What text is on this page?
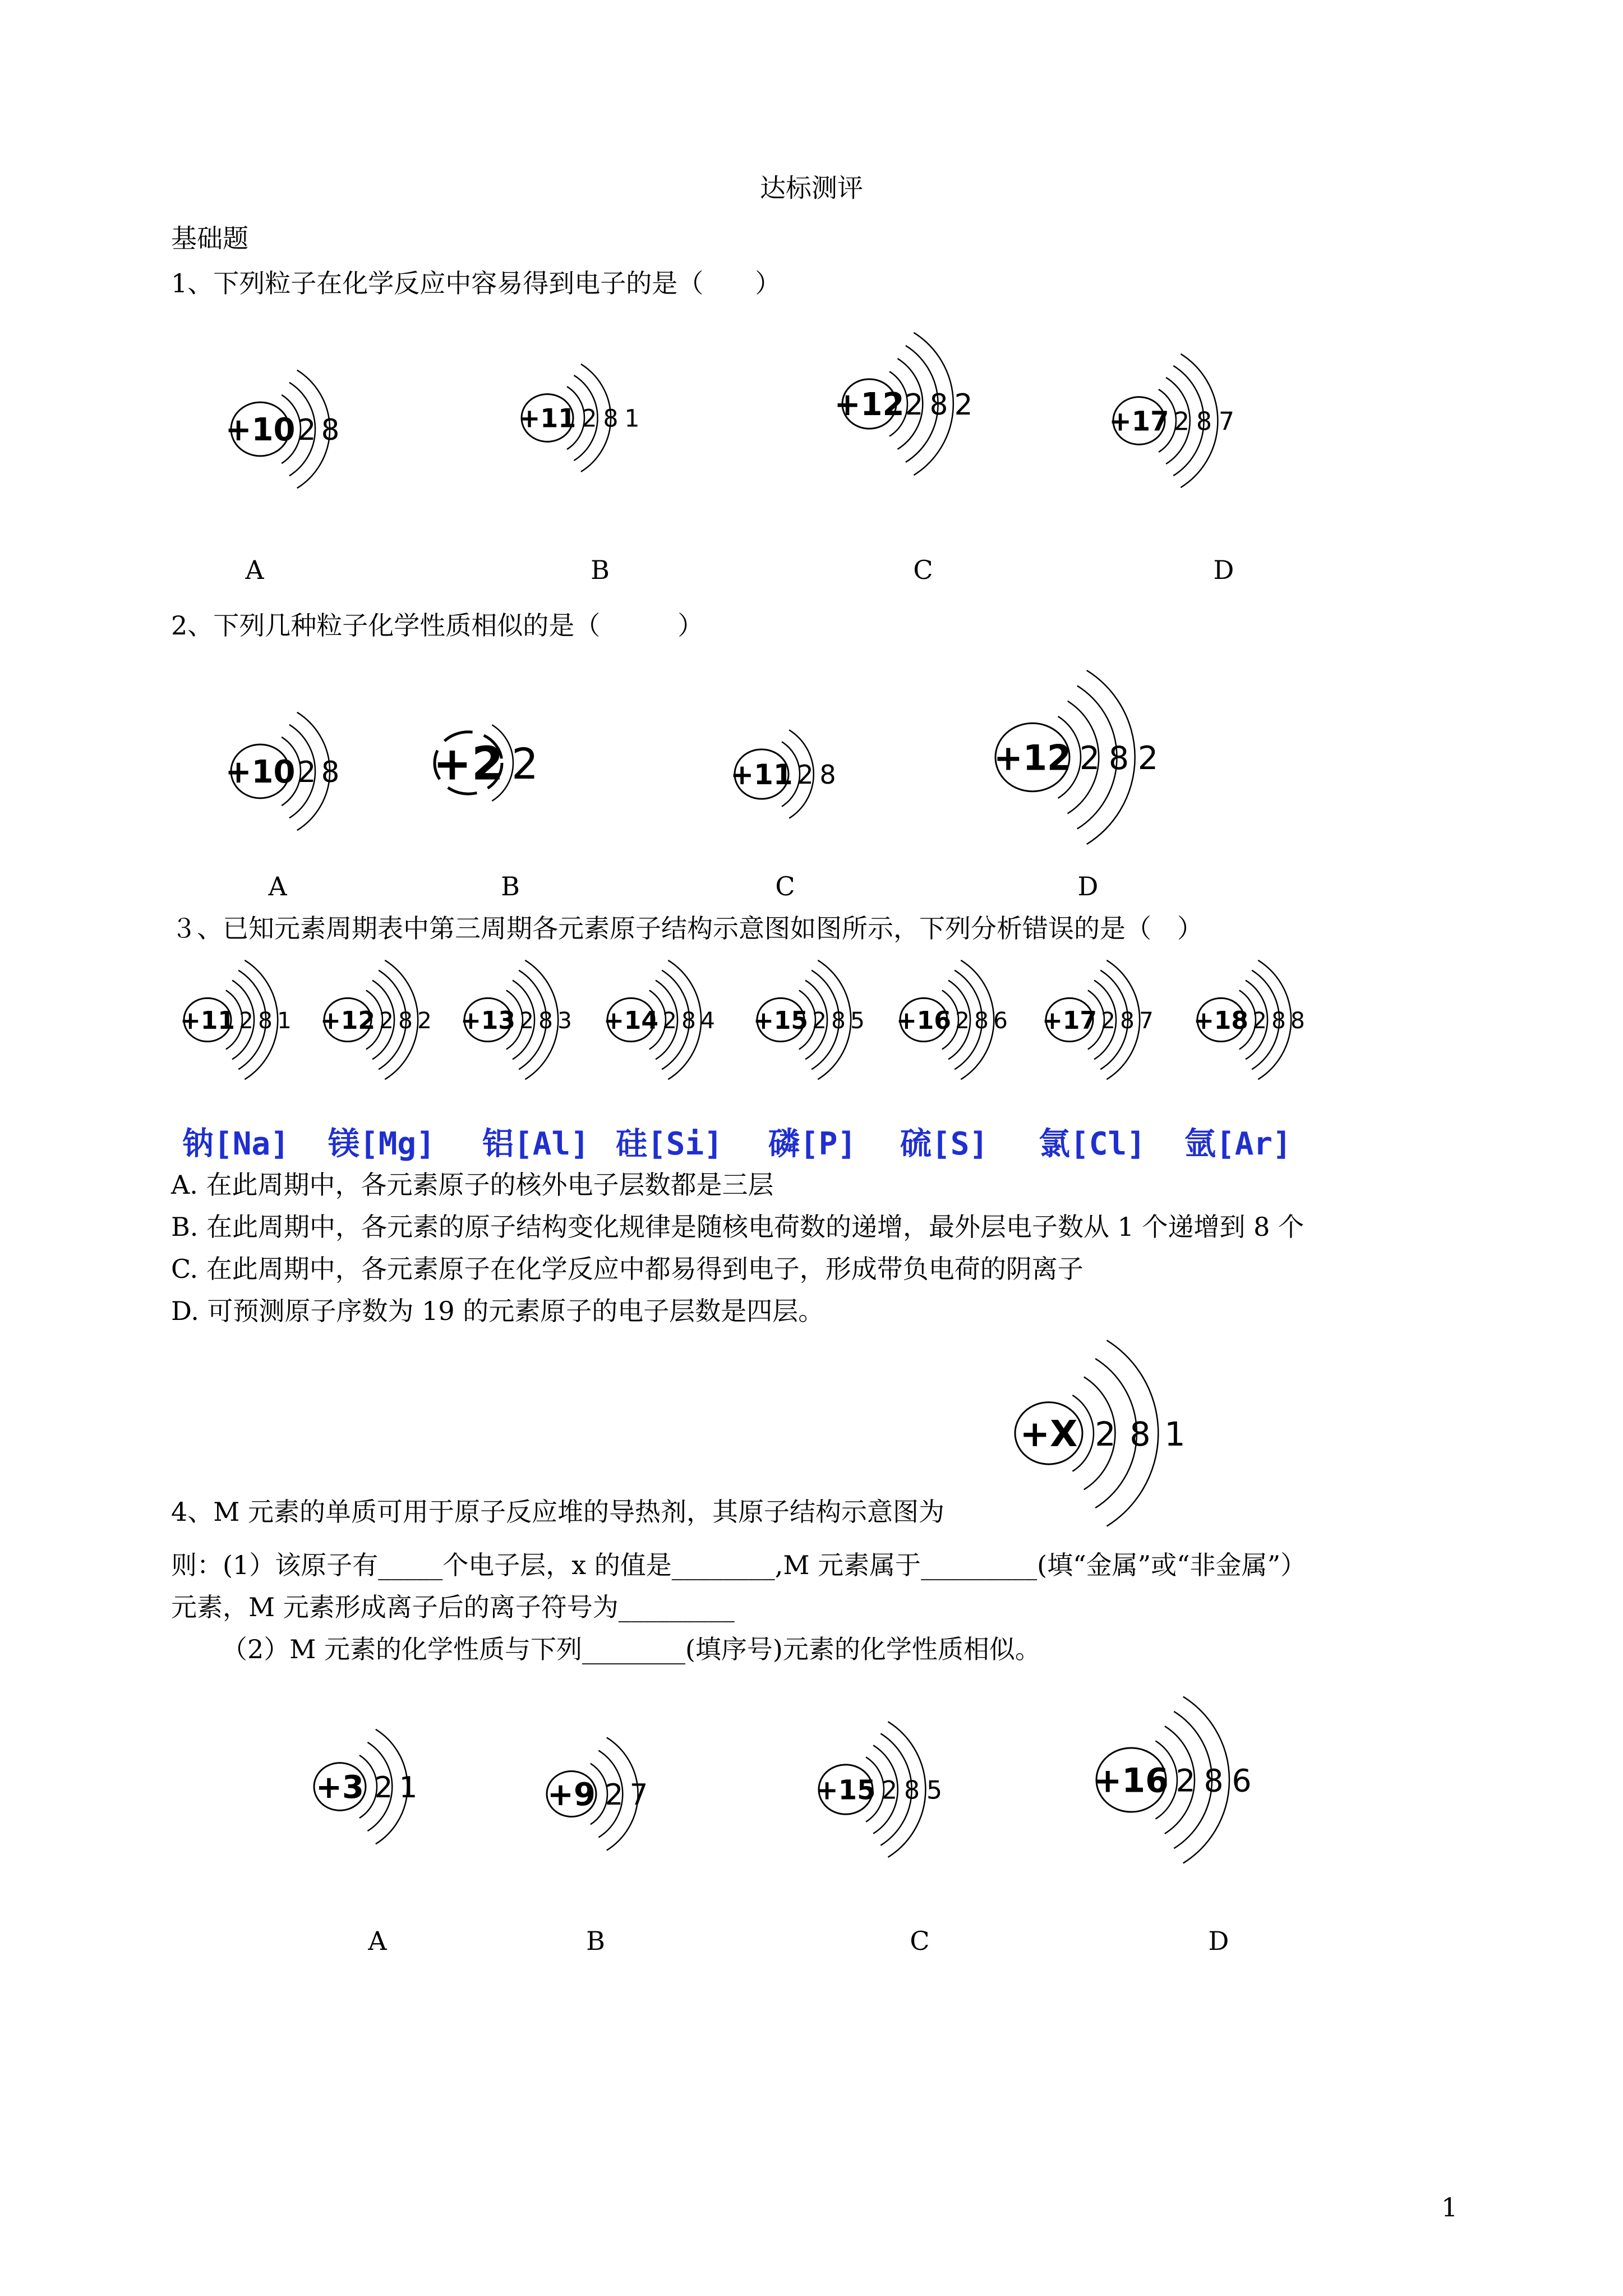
达标测评
基础题
1、下列粒子在化学反应中容易得到电子的是（　　）
+10 2 8	+11 2 8 1	+12 2 8 2	+17 2 8 7
A	B	C	D
2、下列几种粒子化学性质相似的是（　　　）
+10 2 8 +2 2	+11 2 8	+12 2 8 2
A	B	C	D
３、已知元素周期表中第三周期各元素原子结构示意图如图所示，下列分析错误的是（　）
+11 2 8 1 +12 2 8 2 +13 2 8 3 +14 2 8 4 +15 2 8 5 +16 2 8 6 +17 2 8 7 +18 2 8 8
钠[Na] 镁[Mg] 铝[Al] 硅[Si] 磷[P] 硫[S] 氯[Cl] 氩[Ar]
A. 在此周期中，各元素原子的核外电子层数都是三层
B. 在此周期中，各元素的原子结构变化规律是随核电荷数的递增，最外层电子数从 1 个递增到 8 个
C. 在此周期中，各元素原子在化学反应中都易得到电子，形成带负电荷的阴离子
D. 可预测原子序数为 19 的元素原子的电子层数是四层。
+X 2 8 1
4、M 元素的单质可用于原子反应堆的导热剂，其原子结构示意图为
则：(1）该原子有_____个电子层，x 的值是________,M 元素属于_________(填“金属”或“非金属”）
元素，M 元素形成离子后的离子符号为_________
（2）M 元素的化学性质与下列________(填序号)元素的化学性质相似。
+3 2 1	+9 2 7	+15 2 8 5	+16 2 8 6
A	B	C	D
1
